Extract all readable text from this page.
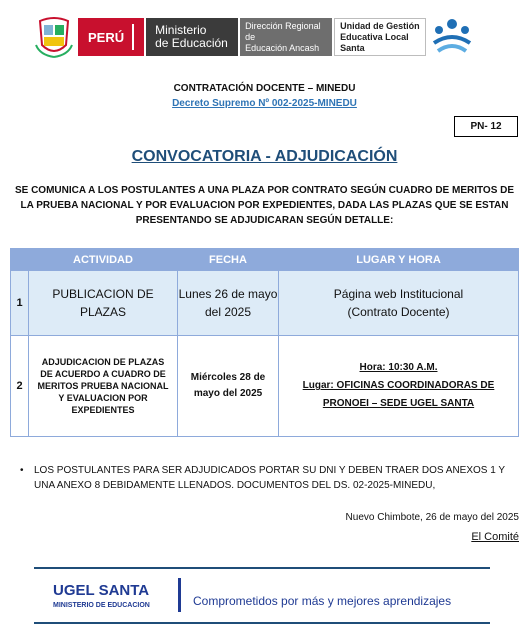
PERÚ	Ministerio
de Educación
Dirección Regional de
Educación Ancash
Unidad de Gestión
Educativa Local Santa
CONTRATACIÓN DOCENTE – MINEDU
Decreto Supremo Nº 002-2025-MINEDU
PN- 12
CONVOCATORIA - ADJUDICACIÓN
SE COMUNICA A LOS POSTULANTES A UNA PLAZA POR CONTRATO SEGÚN CUADRO DE MERITOS DE LA PRUEBA NACIONAL Y POR EVALUACION POR EXPEDIENTES, DADA LAS PLAZAS QUE SE ESTAN PRESENTANDO SE ADJUDICARAN SEGÚN DETALLE:
	ACTIVIDAD	FECHA	LUGAR Y HORA
1	PUBLICACION DE PLAZAS	Lunes 26 de mayo del 2025	Página web Institucional
(Contrato Docente)

2	ADJUDICACION DE PLAZAS DE ACUERDO A CUADRO DE MERITOS PRUEBA NACIONAL Y EVALUACION POR EXPEDIENTES	Miércoles 28 de mayo del 2025	Hora: 10:30 A.M.
Lugar: OFICINAS COORDINADORAS DE
PRONOEI – SEDE UGEL SANTA
• LOS POSTULANTES PARA SER ADJUDICADOS PORTAR SU DNI Y DEBEN TRAER DOS ANEXOS 1 Y UNA ANEXO 8 DEBIDAMENTE LLENADOS. DOCUMENTOS DEL DS. 02-2025-MINEDU,
Nuevo Chimbote, 26 de mayo del 2025
El Comité
UGEL SANTA
MINISTERIO DE EDUCACION	Comprometidos por más y mejores aprendizajes
